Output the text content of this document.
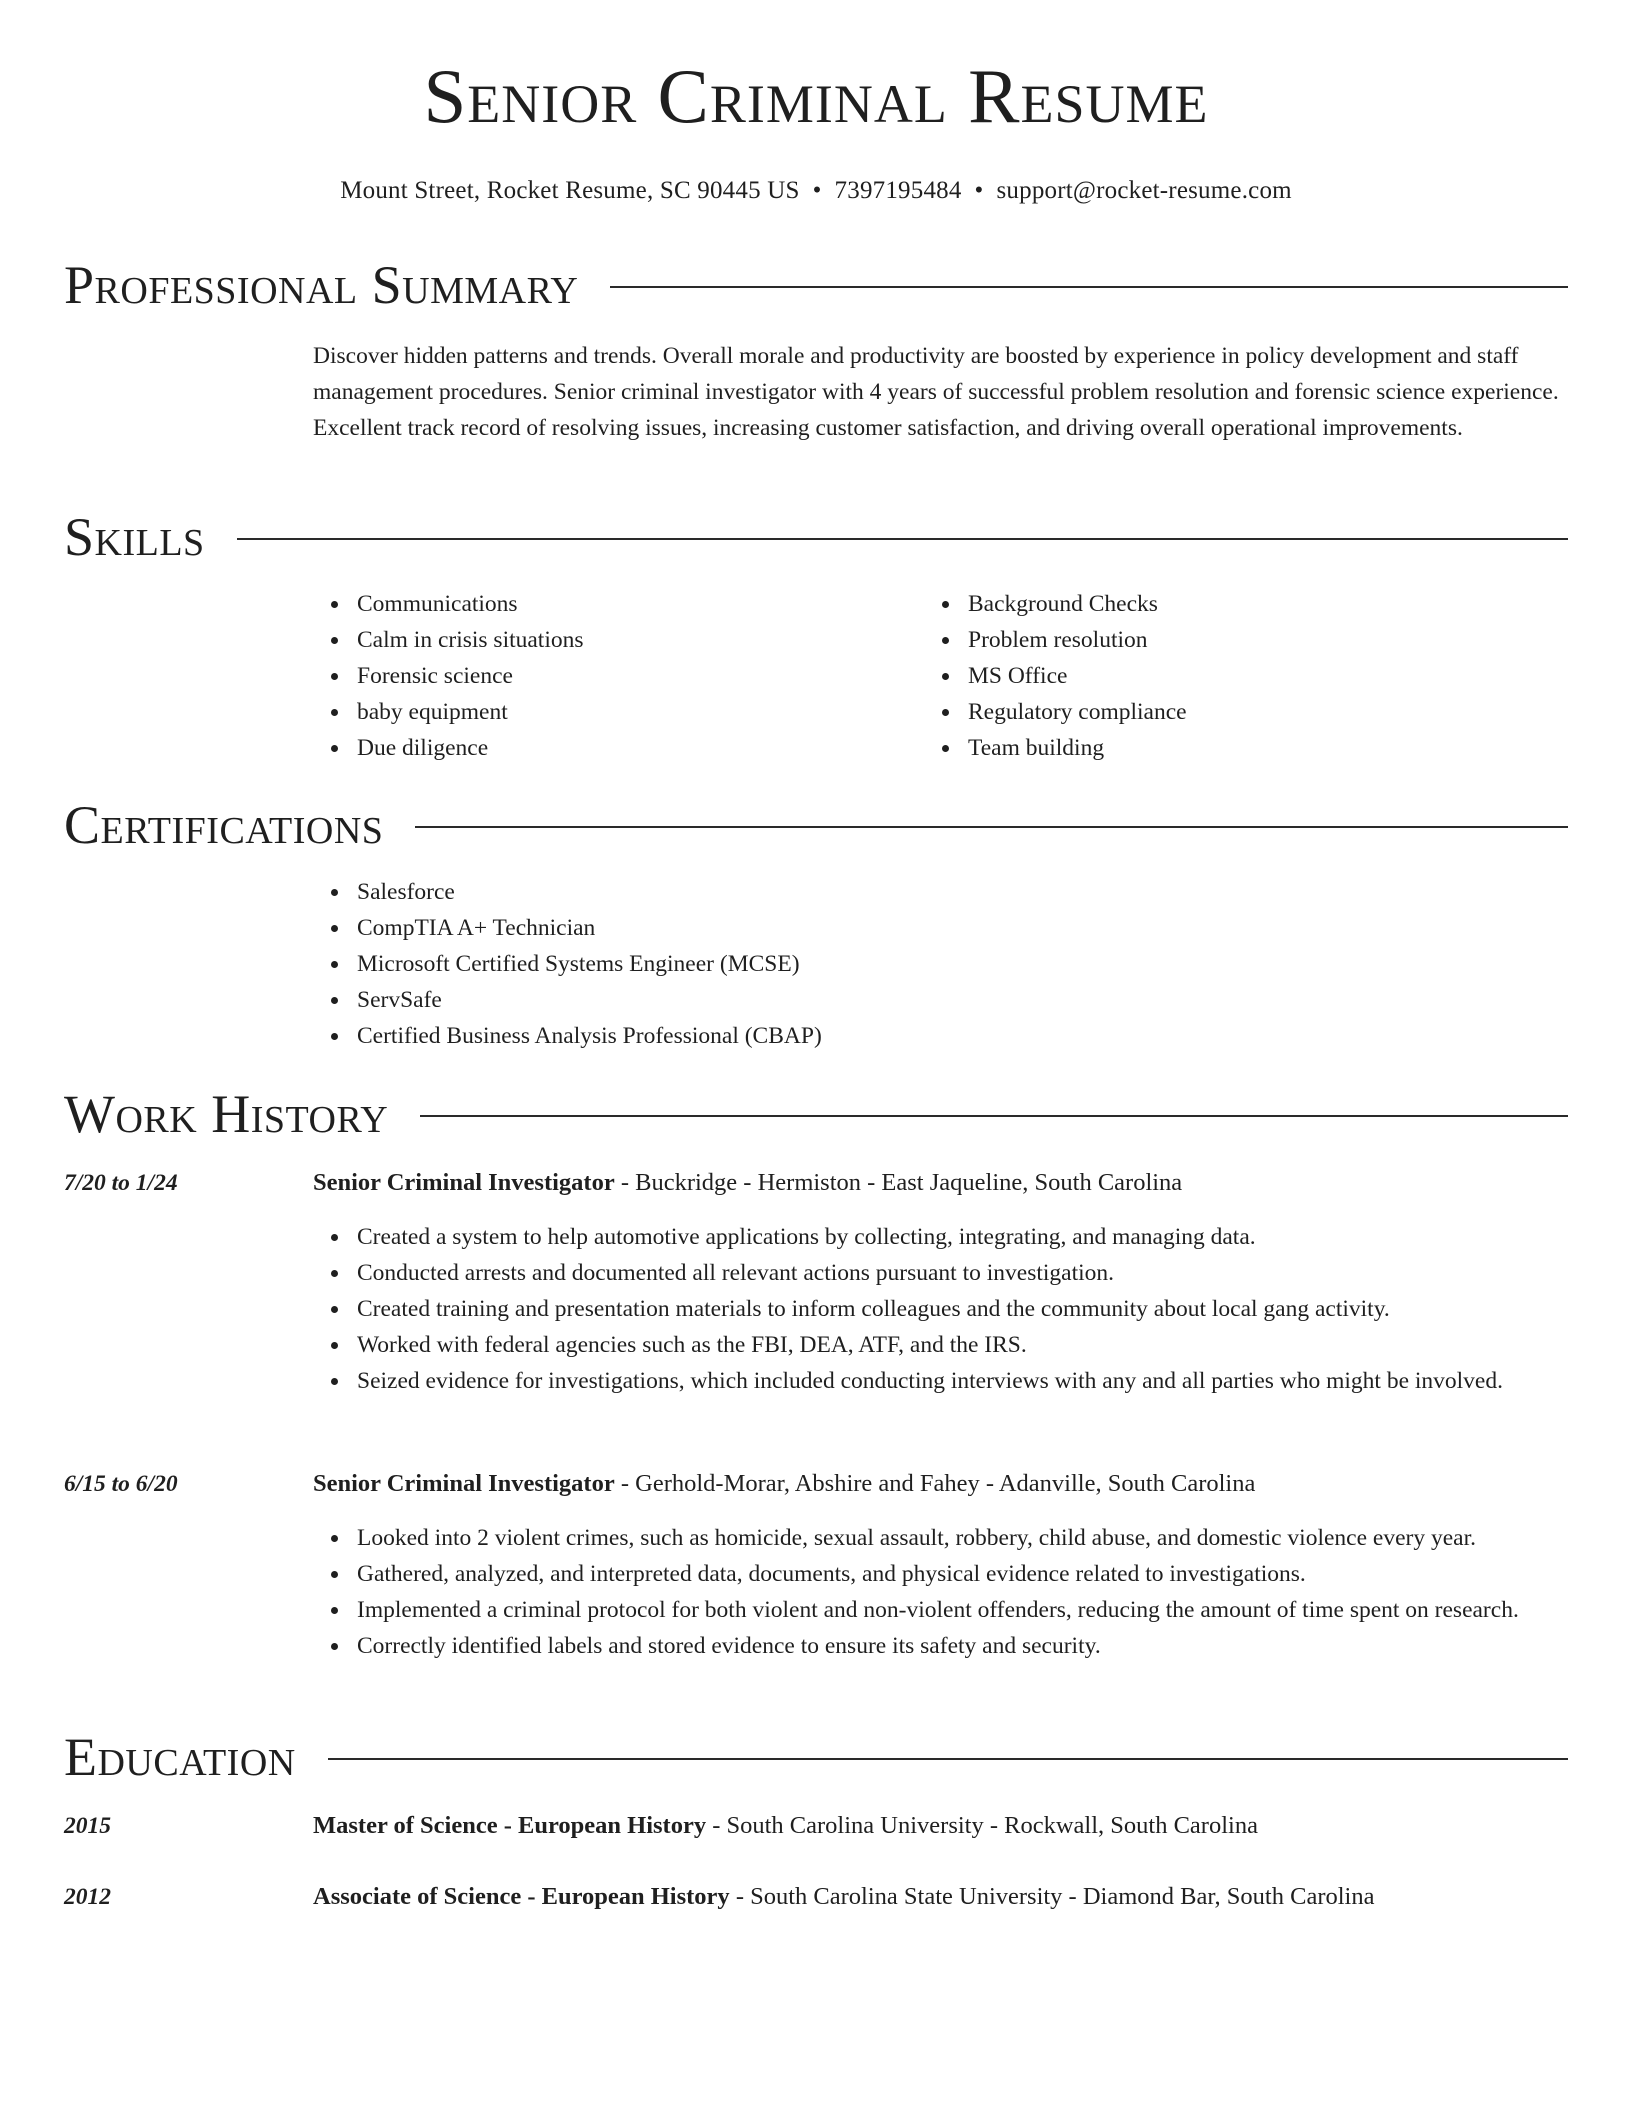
Senior Criminal Resume
Mount Street, Rocket Resume, SC 90445 US • 7397195484 • support@rocket-resume.com
Professional Summary

Discover hidden patterns and trends. Overall morale and productivity are boosted by experience in policy development and staff management procedures. Senior criminal investigator with 4 years of successful problem resolution and forensic science experience. Excellent track record of resolving issues, increasing customer satisfaction, and driving overall operational improvements.

Skills
Communications
Calm in crisis situations
Forensic science
baby equipment
Due diligence
Background Checks
Problem resolution
MS Office
Regulatory compliance
Team building
Certifications
Salesforce
CompTIA A+ Technician
Microsoft Certified Systems Engineer (MCSE)
ServSafe
Certified Business Analysis Professional (CBAP)
Work History
7/20 to 1/24	Senior Criminal Investigator - Buckridge - Hermiston - East Jaqueline, South Carolina
Created a system to help automotive applications by collecting, integrating, and managing data.
Conducted arrests and documented all relevant actions pursuant to investigation.
Created training and presentation materials to inform colleagues and the community about local gang activity.
Worked with federal agencies such as the FBI, DEA, ATF, and the IRS.
Seized evidence for investigations, which included conducting interviews with any and all parties who might be involved.
6/15 to 6/20	Senior Criminal Investigator - Gerhold-Morar, Abshire and Fahey - Adanville, South Carolina
Looked into 2 violent crimes, such as homicide, sexual assault, robbery, child abuse, and domestic violence every year.
Gathered, analyzed, and interpreted data, documents, and physical evidence related to investigations.
Implemented a criminal protocol for both violent and non-violent offenders, reducing the amount of time spent on research.
Correctly identified labels and stored evidence to ensure its safety and security.
Education
2015	Master of Science - European History - South Carolina University - Rockwall, South Carolina
2012	Associate of Science - European History - South Carolina State University - Diamond Bar, South Carolina
